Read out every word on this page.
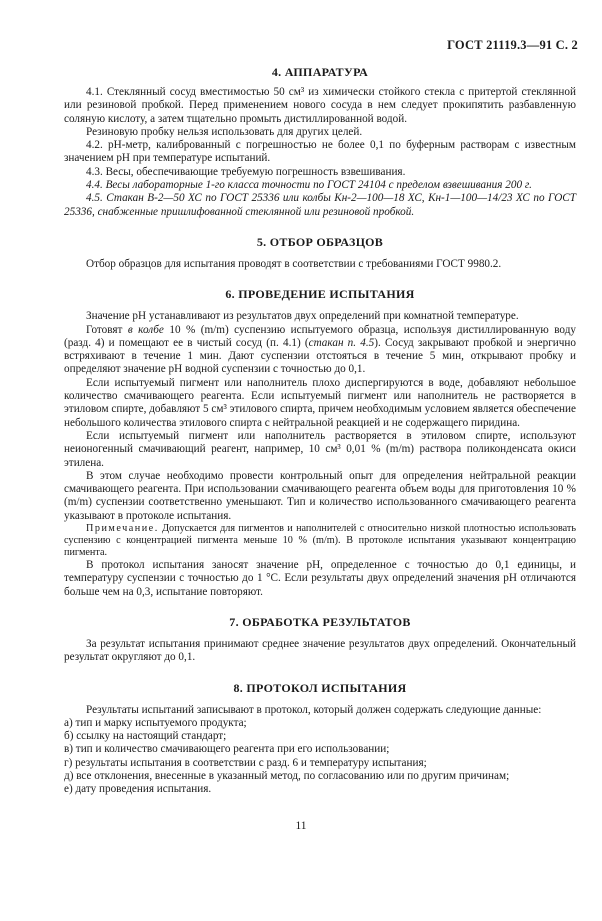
ГОСТ 21119.3—91 С. 2
4. АППАРАТУРА

4.1. Стеклянный сосуд вместимостью 50 см³ из химически стойкого стекла с притертой стеклянной или резиновой пробкой. Перед применением нового сосуда в нем следует прокипятить разбавленную соляную кислоту, а затем тщательно промыть дистиллированной водой.

Резиновую пробку нельзя использовать для других целей.

4.2. рН-метр, калиброванный с погрешностью не более 0,1 по буферным растворам с известным значением рН при температуре испытаний.

4.3. Весы, обеспечивающие требуемую погрешность взвешивания.

4.4. Весы лабораторные 1-го класса точности по ГОСТ 24104 с пределом взвешивания 200 г.

4.5. Стакан В-2—50 ХС по ГОСТ 25336 или колбы Кн-2—100—18 ХС, Кн-1—100—14/23 ХС по ГОСТ 25336, снабженные пришлифованной стеклянной или резиновой пробкой.

5. ОТБОР ОБРАЗЦОВ

Отбор образцов для испытания проводят в соответствии с требованиями ГОСТ 9980.2.

6. ПРОВЕДЕНИЕ ИСПЫТАНИЯ

Значение рН устанавливают из результатов двух определений при комнатной температуре.

Готовят в колбе 10 % (m/m) суспензию испытуемого образца, используя дистиллированную воду (разд. 4) и помещают ее в чистый сосуд (п. 4.1) (стакан п. 4.5). Сосуд закрывают пробкой и энергично встряхивают в течение 1 мин. Дают суспензии отстояться в течение 5 мин, открывают пробку и определяют значение рН водной суспензии с точностью до 0,1.

Если испытуемый пигмент или наполнитель плохо диспергируются в воде, добавляют небольшое количество смачивающего реагента. Если испытуемый пигмент или наполнитель не растворяется в этиловом спирте, добавляют 5 см³ этилового спирта, причем необходимым условием является обеспечение небольшого количества этилового спирта с нейтральной реакцией и не содержащего пиридина.

Если испытуемый пигмент или наполнитель растворяется в этиловом спирте, используют неионогенный смачивающий реагент, например, 10 см³ 0,01 % (m/m) раствора поликонденсата окиси этилена.

В этом случае необходимо провести контрольный опыт для определения нейтральной реакции смачивающего реагента. При использовании смачивающего реагента объем воды для приготовления 10 % (m/m) суспензии соответственно уменьшают. Тип и количество использованного смачивающего реагента указывают в протоколе испытания.

Примечание. Допускается для пигментов и наполнителей с относительно низкой плотностью использовать суспензию с концентрацией пигмента меньше 10 % (m/m). В протоколе испытания указывают концентрацию пигмента.

В протокол испытания заносят значение рН, определенное с точностью до 0,1 единицы, и температуру суспензии с точностью до 1 °С. Если результаты двух определений значения рН отличаются больше чем на 0,3, испытание повторяют.

7. ОБРАБОТКА РЕЗУЛЬТАТОВ

За результат испытания принимают среднее значение результатов двух определений. Окончательный результат округляют до 0,1.

8. ПРОТОКОЛ ИСПЫТАНИЯ

Результаты испытаний записывают в протокол, который должен содержать следующие данные:

а) тип и марку испытуемого продукта;

б) ссылку на настоящий стандарт;

в) тип и количество смачивающего реагента при его использовании;

г) результаты испытания в соответствии с разд. 6 и температуру испытания;

д) все отклонения, внесенные в указанный метод, по согласованию или по другим причинам;

е) дату проведения испытания.

11
